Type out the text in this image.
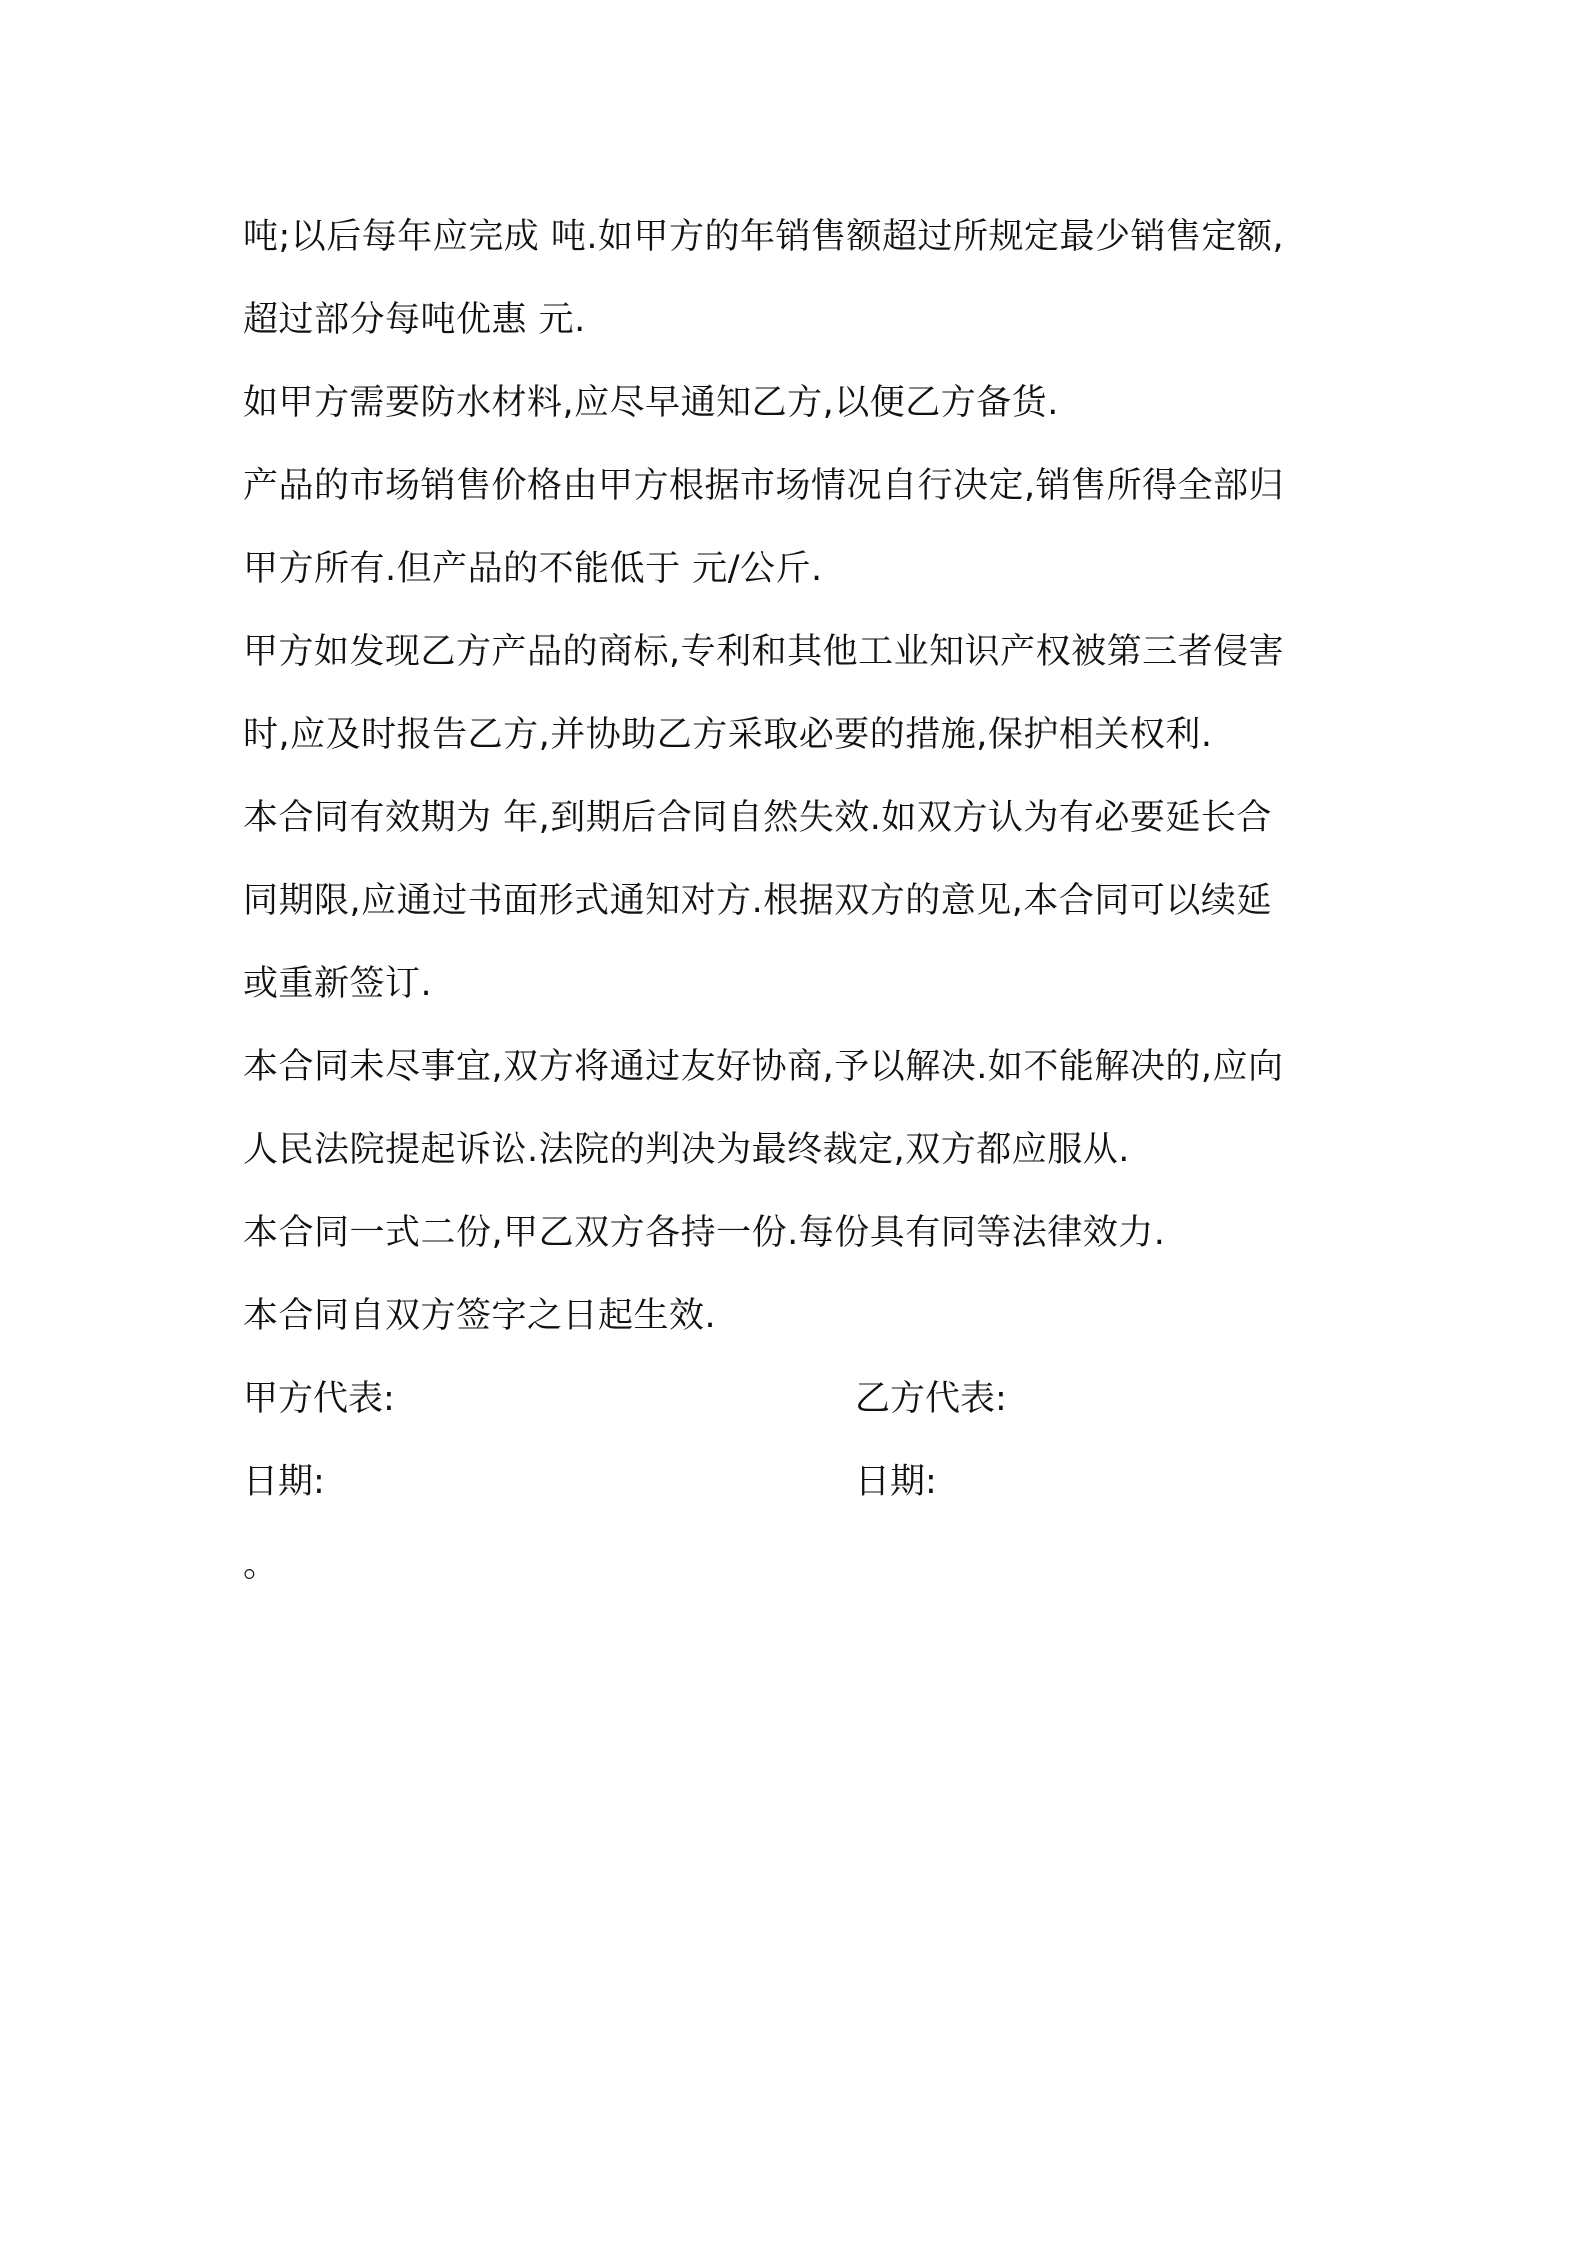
吨;以后每年应完成 吨.如甲方的年销售额超过所规定最少销售定额,
超过部分每吨优惠 元.
如甲方需要防水材料,应尽早通知乙方,以便乙方备货.
产品的市场销售价格由甲方根据市场情况自行决定,销售所得全部归
甲方所有.但产品的不能低于 元/公斤.
甲方如发现乙方产品的商标,专利和其他工业知识产权被第三者侵害
时,应及时报告乙方,并协助乙方采取必要的措施,保护相关权利.
本合同有效期为 年,到期后合同自然失效.如双方认为有必要延长合
同期限,应通过书面形式通知对方.根据双方的意见,本合同可以续延
或重新签订.
本合同未尽事宜,双方将通过友好协商,予以解决.如不能解决的,应向
人民法院提起诉讼.法院的判决为最终裁定,双方都应服从.
本合同一式二份,甲乙双方各持一份.每份具有同等法律效力.
本合同自双方签字之日起生效.
甲方代表:	乙方代表:
日期:	日期:
。
